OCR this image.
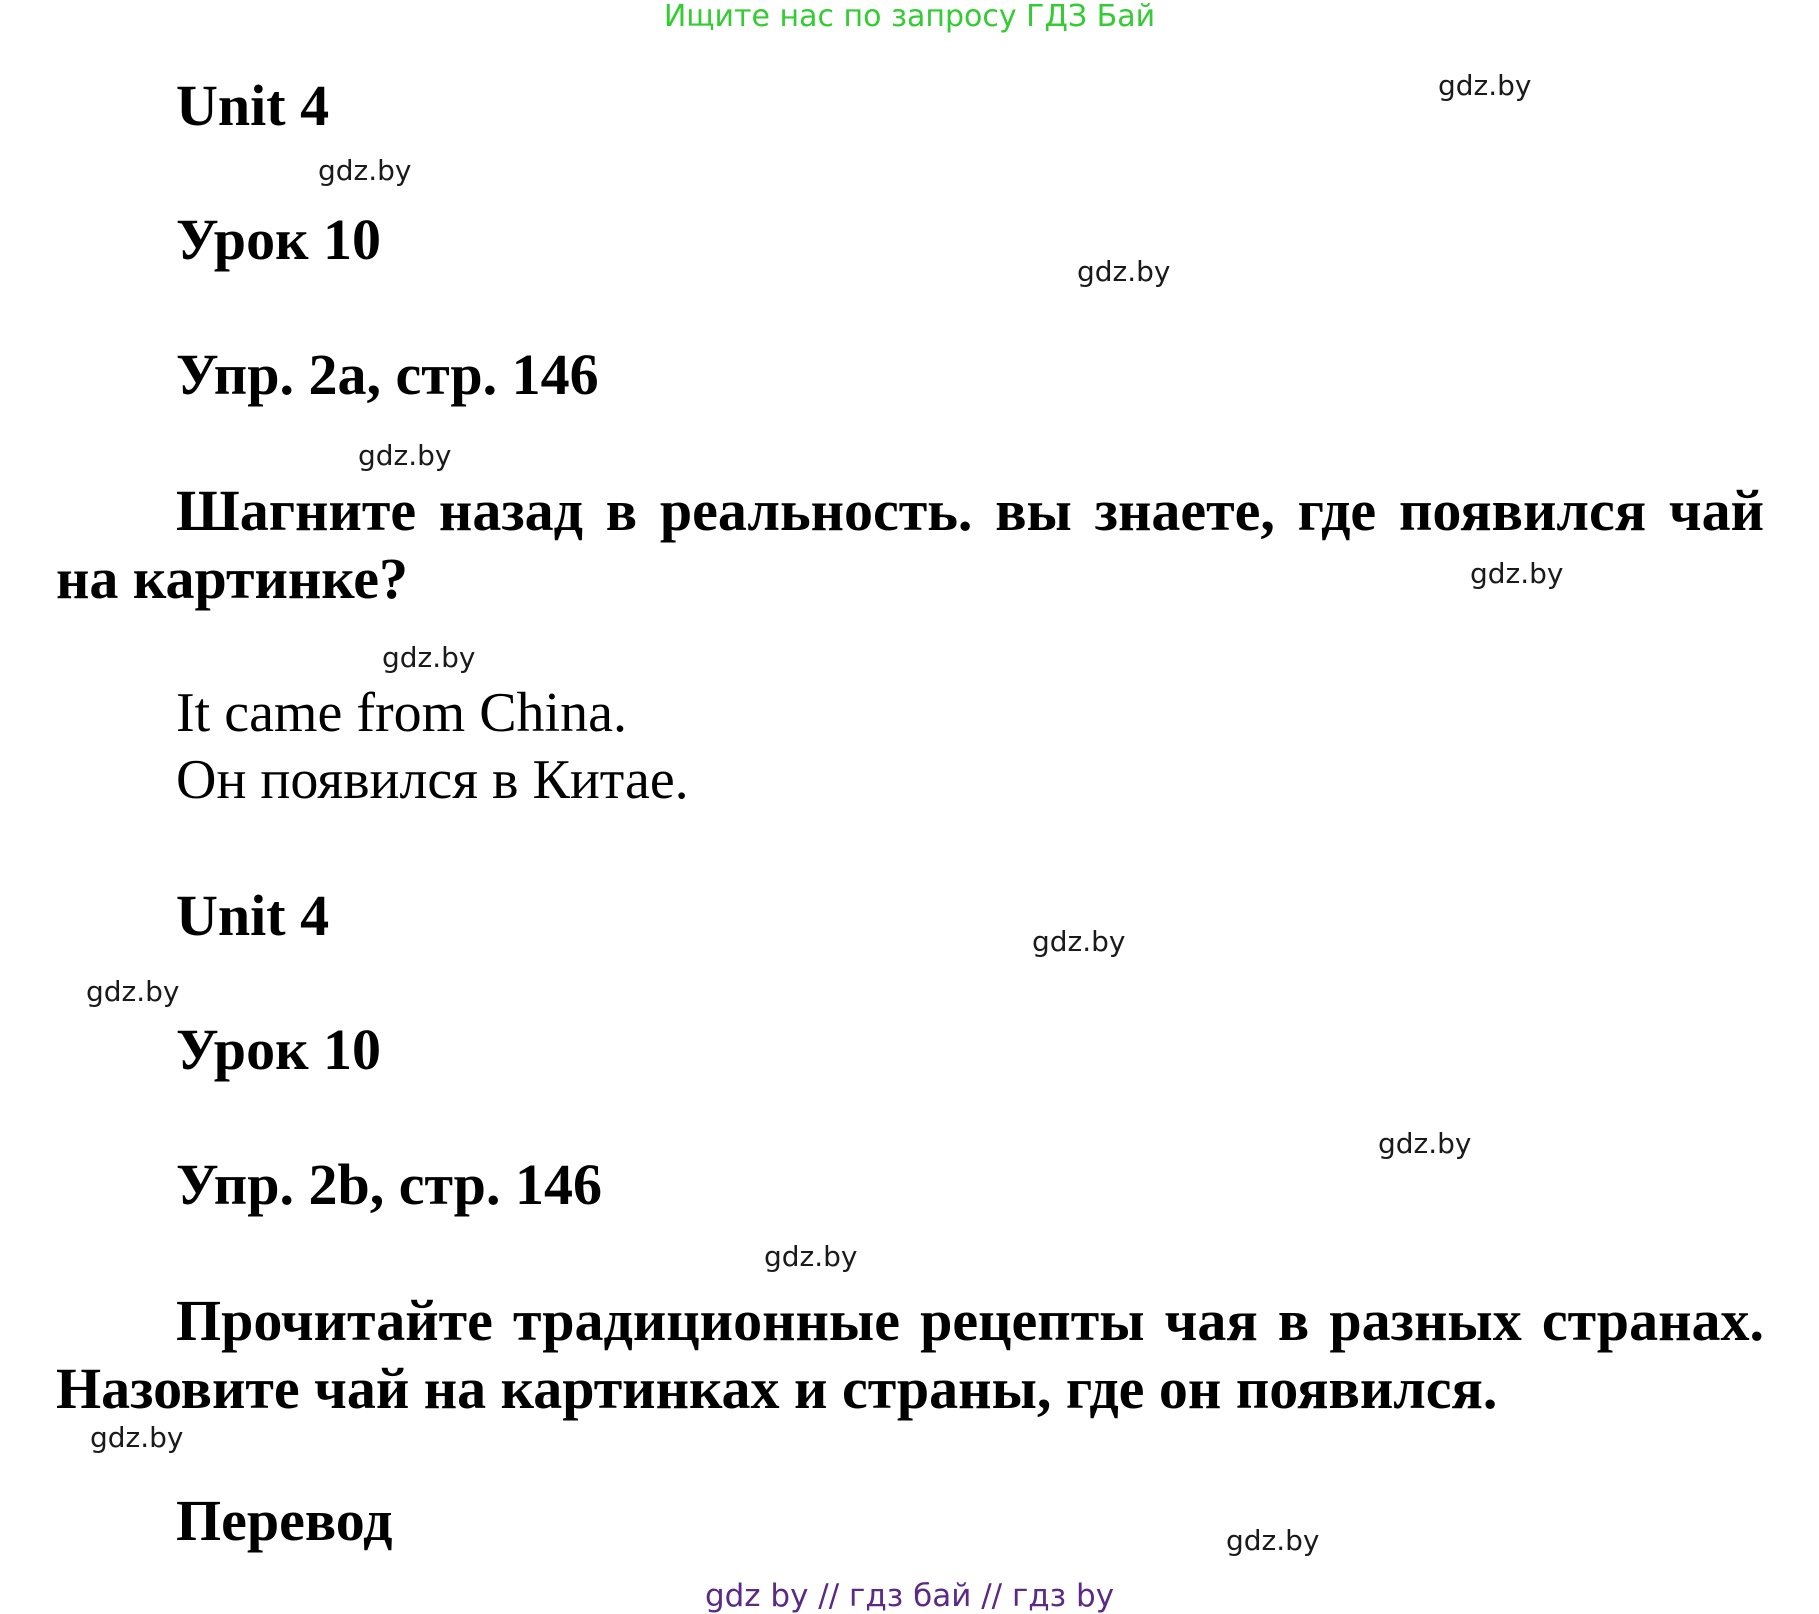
Ищите нас по запросу ГДЗ Бай
Unit 4
Урок 10
Упр. 2a, стр. 146
Шагните назад в реальность. вы знаете, где появился чай на картинке?
It came from China.
Он появился в Китае.
Unit 4
Урок 10
Упр. 2b, стр. 146
Прочитайте традиционные рецепты чая в разных странах. Назовите чай на картинках и страны, где он появился.
Перевод
gdz.by
gdz.by
gdz.by
gdz.by
gdz.by
gdz.by
gdz.by
gdz.by
gdz.by
gdz.by
gdz.by
gdz.by
gdz by // гдз бай // гдз by
